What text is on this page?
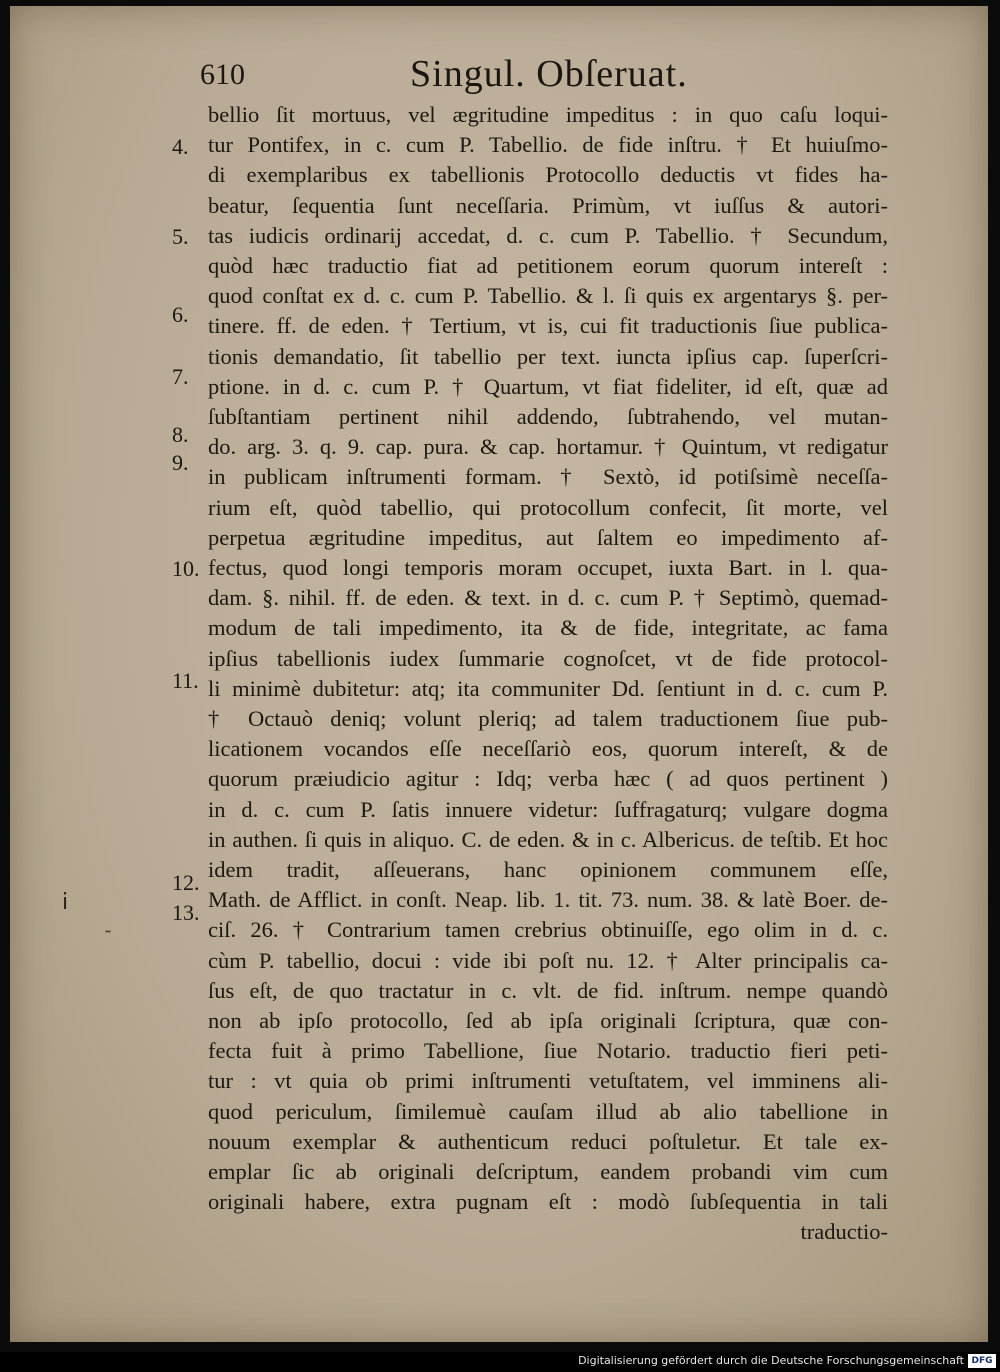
610	Singul. Obſeruat.
bellio ſit mortuus, vel ægritudine impeditus : in quo caſu loqui-
tur Pontifex, in c. cum P. Tabellio. de fide inſtru. † Et huiuſmo-
di exemplaribus ex tabellionis Protocollo deductis vt fides ha-
beatur, ſequentia ſunt neceſſaria. Primùm, vt iuſſus & autori-
tas iudicis ordinarij accedat, d. c. cum P. Tabellio. † Secundum,
quòd hæc traductio fiat ad petitionem eorum quorum intereſt :
quod conſtat ex d. c. cum P. Tabellio. & l. ſi quis ex argentarys §. per-
tinere. ff. de eden. † Tertium, vt is, cui fit traductionis ſiue publica-
tionis demandatio, ſit tabellio per text. iuncta ipſius cap. ſuperſcri-
ptione. in d. c. cum P. † Quartum, vt fiat fideliter, id eſt, quæ ad
ſubſtantiam pertinent nihil addendo, ſubtrahendo, vel mutan-
do. arg. 3. q. 9. cap. pura. & cap. hortamur. † Quintum, vt redigatur
in publicam inſtrumenti formam. † Sextò, id potiſsimè neceſſa-
rium eſt, quòd tabellio, qui protocollum confecit, ſit morte, vel
perpetua ægritudine impeditus, aut ſaltem eo impedimento af-
fectus, quod longi temporis moram occupet, iuxta Bart. in l. qua-
dam. §. nihil. ff. de eden. & text. in d. c. cum P. † Septimò, quemad-
modum de tali impedimento, ita & de fide, integritate, ac fama
ipſius tabellionis iudex ſummarie cognoſcet, vt de fide protocol-
li minimè dubitetur: atq; ita communiter Dd. ſentiunt in d. c. cum P.
† Octauò deniq; volunt pleriq; ad talem traductionem ſiue pub-
licationem vocandos eſſe neceſſariò eos, quorum intereſt, & de
quorum præiudicio agitur : Idq; verba hæc ( ad quos pertinent )
in d. c. cum P. ſatis innuere videtur: ſuffragaturq; vulgare dogma
in authen. ſi quis in aliquo. C. de eden. & in c. Albericus. de teſtib. Et hoc
idem tradit, aſſeuerans, hanc opinionem communem eſſe,
Math. de Afflict. in conſt. Neap. lib. 1. tit. 73. num. 38. & latè Boer. de-
ciſ. 26. † Contrarium tamen crebrius obtinuiſſe, ego olim in d. c.
cùm P. tabellio, docui : vide ibi poſt nu. 12. † Alter principalis ca-
ſus eſt, de quo tractatur in c. vlt. de fid. inſtrum. nempe quandò
non ab ipſo protocollo, ſed ab ipſa originali ſcriptura, quæ con-
fecta fuit à primo Tabellione, ſiue Notario. traductio fieri peti-
tur : vt quia ob primi inſtrumenti vetuſtatem, vel imminens ali-
quod periculum, ſimilemuè cauſam illud ab alio tabellione in
nouum exemplar & authenticum reduci poſtuletur. Et tale ex-
emplar ſic ab originali deſcriptum, eandem probandi vim cum
originali habere, extra pugnam eſt : modò ſubſequentia in tali
traductio-
4.
5.
6.
7.
8.
9.
10.
11.
12.
13.
ⅰ
˜
Digitalisierung gefördert durch die Deutsche Forschungsgemeinschaft DFG
